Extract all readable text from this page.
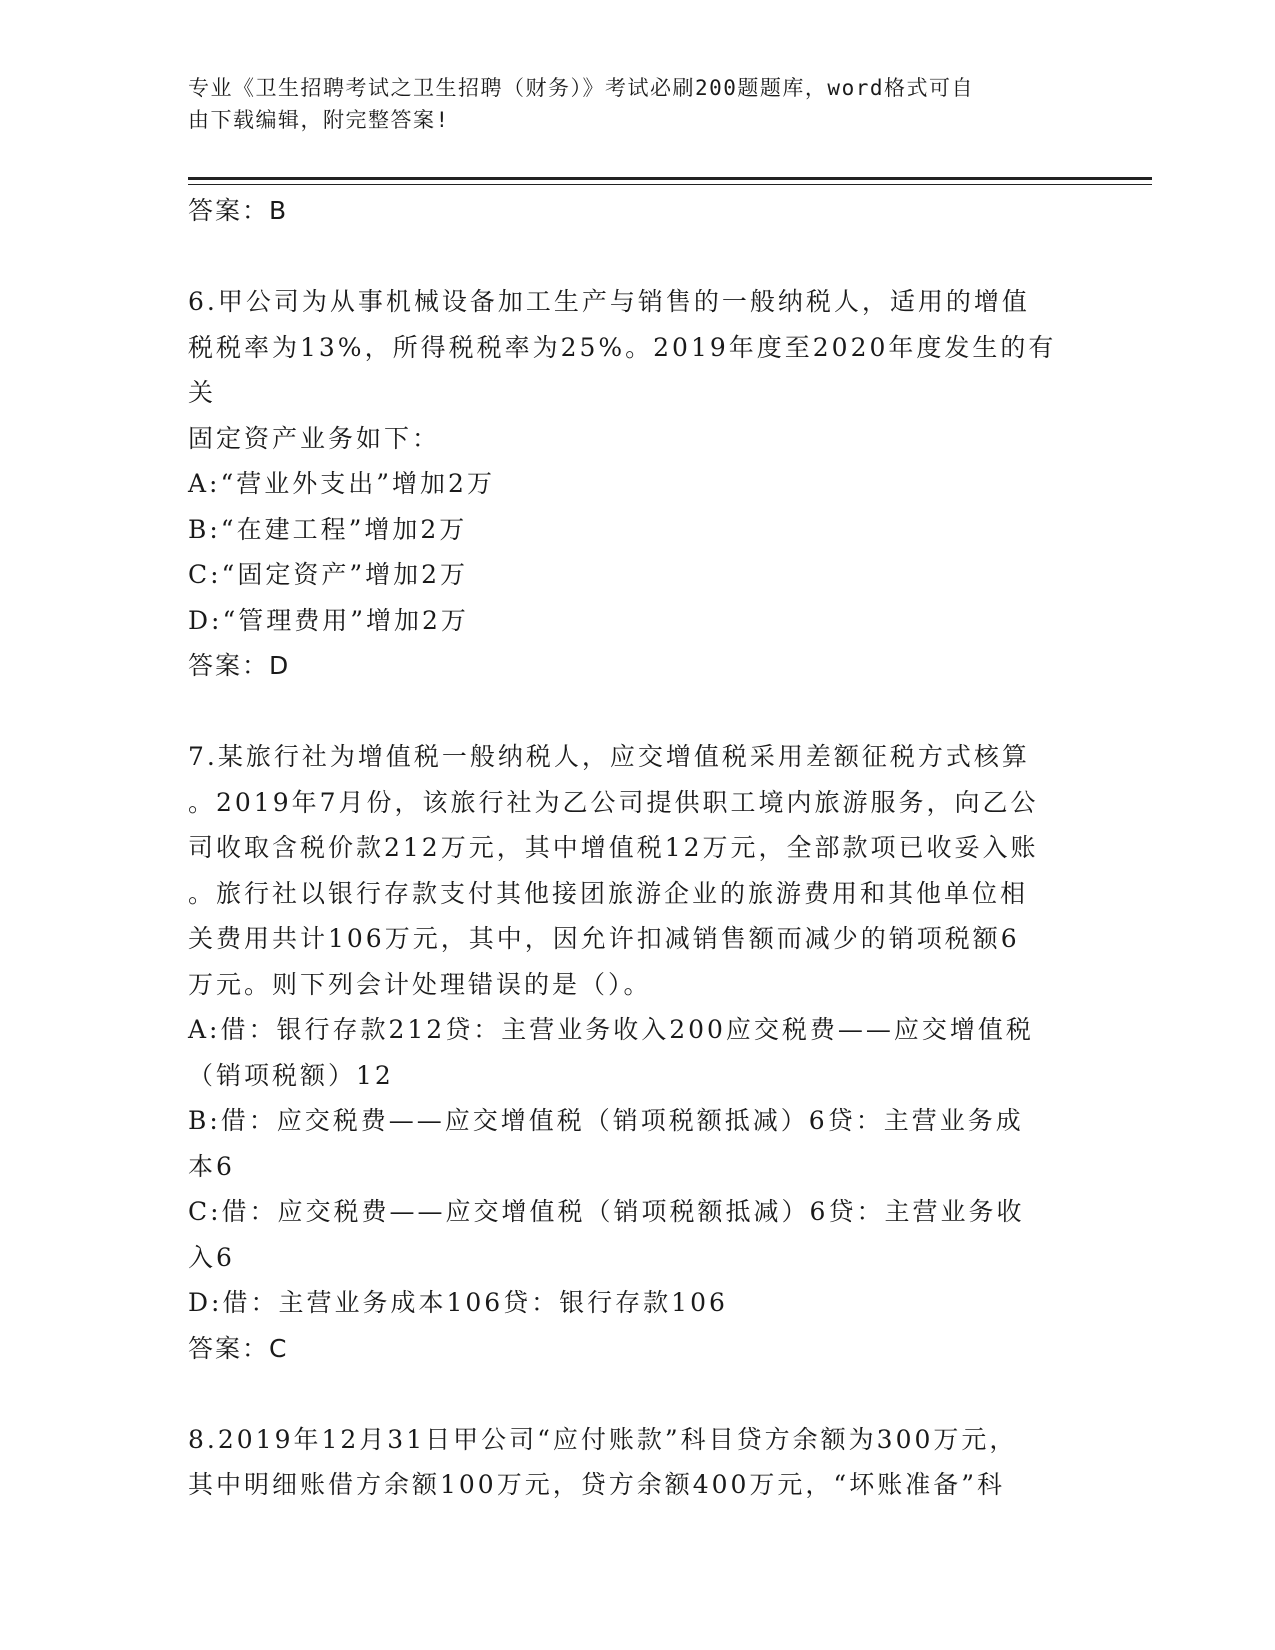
专业《卫生招聘考试之卫生招聘（财务）》考试必刷200题题库，word格式可自
由下载编辑，附完整答案!

答案：B

6.甲公司为从事机械设备加工生产与销售的一般纳税人，适用的增值

税税率为13%，所得税税率为25%。2019年度至2020年度发生的有关

固定资产业务如下：

A:“营业外支出”增加2万

B:“在建工程”增加2万

C:“固定资产”增加2万

D:“管理费用”增加2万

答案：D

7.某旅行社为增值税一般纳税人，应交增值税采用差额征税方式核算

。2019年7月份，该旅行社为乙公司提供职工境内旅游服务，向乙公

司收取含税价款212万元，其中增值税12万元，全部款项已收妥入账

。旅行社以银行存款支付其他接团旅游企业的旅游费用和其他单位相

关费用共计106万元，其中，因允许扣减销售额而减少的销项税额6

万元。则下列会计处理错误的是（）。

A:借：银行存款212贷：主营业务收入200应交税费——应交增值税

（销项税额）12

B:借：应交税费——应交增值税（销项税额抵减）6贷：主营业务成

本6

C:借：应交税费——应交增值税（销项税额抵减）6贷：主营业务收

入6

D:借：主营业务成本106贷：银行存款106

答案：C

8.2019年12月31日甲公司“应付账款”科目贷方余额为300万元，

其中明细账借方余额100万元，贷方余额400万元，“坏账准备”科
